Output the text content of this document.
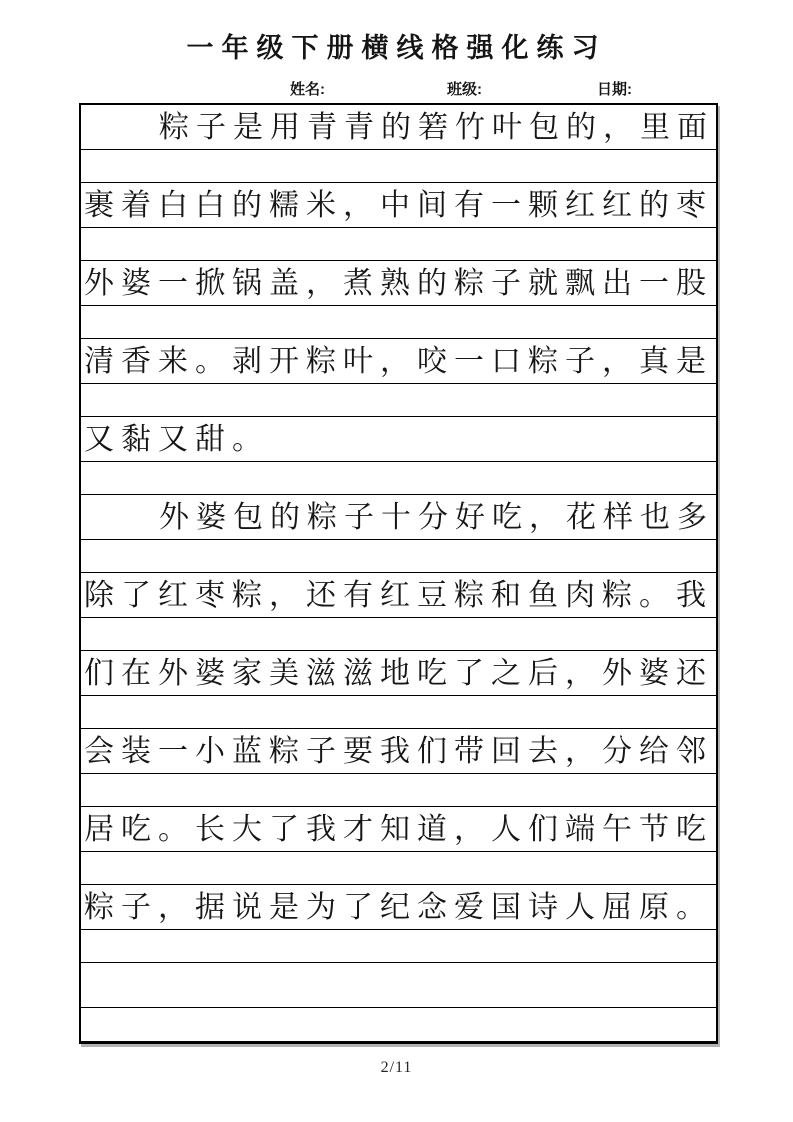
一年级下册横线格强化练习
姓名:	班级:	日期:
粽子是用青青的箬竹叶包的，里面
裹着白白的糯米，中间有一颗红红的枣
外婆一掀锅盖，煮熟的粽子就飘出一股
清香来。剥开粽叶，咬一口粽子，真是
又黏又甜。
外婆包的粽子十分好吃，花样也多
除了红枣粽，还有红豆粽和鱼肉粽。我
们在外婆家美滋滋地吃了之后，外婆还
会装一小蓝粽子要我们带回去，分给邻
居吃。长大了我才知道，人们端午节吃
粽子，据说是为了纪念爱国诗人屈原。
2/11
